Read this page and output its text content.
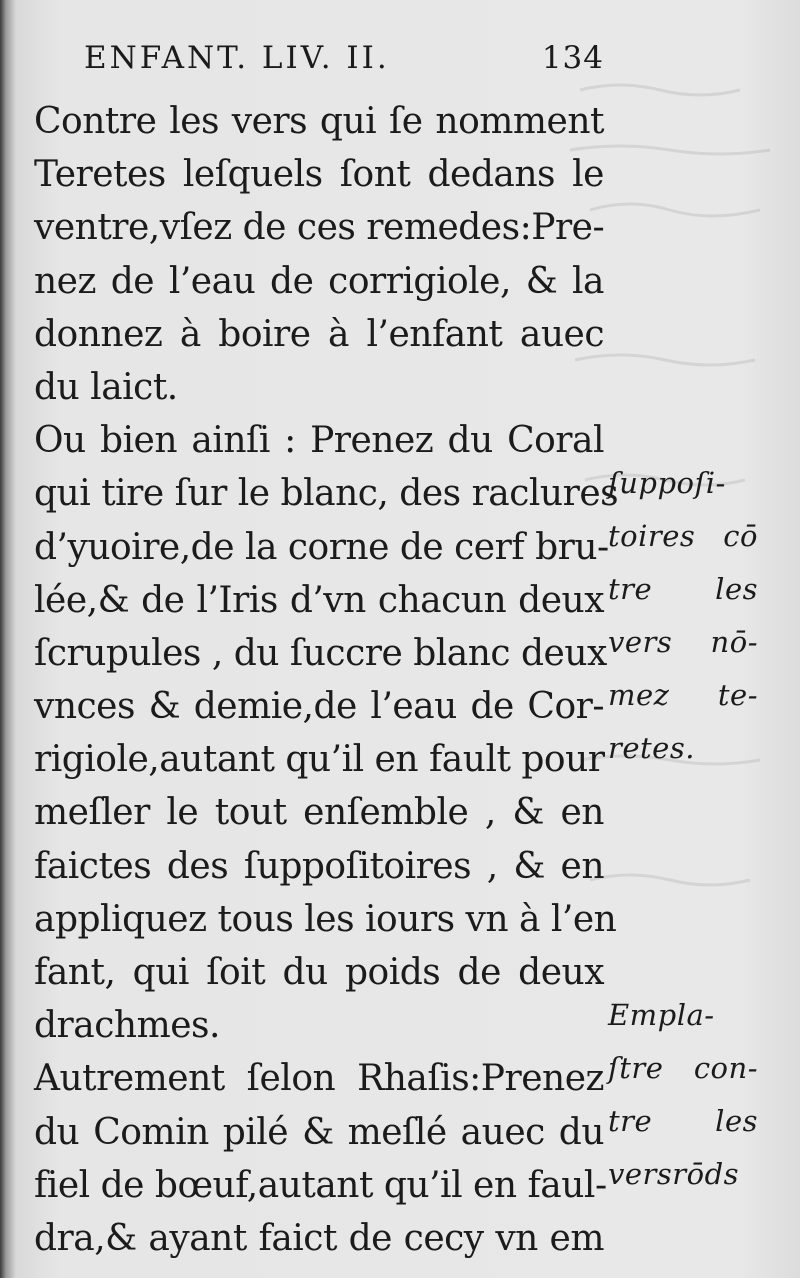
ENFANT. LIV. II.	134
Contre les vers qui ſe nomment
Teretes leſquels ſont dedans le
ventre,vſez de ces remedes:Pre-
nez de l’eau de corrigiole, & la
donnez à boire à l’enfant auec
du laict.
Ou bien ainſi : Prenez du Coral
qui tire ſur le blanc, des raclures
d’yuoire,de la corne de cerf bru-
lée,& de l’Iris d’vn chacun deux
ſcrupules , du ſuccre blanc deux
vnces & demie,de l’eau de Cor-
rigiole,autant qu’il en fault pour
meſler le tout enſemble , & en
faictes des ſuppoſitoires , & en
appliquez tous les iours vn à l’en
fant, qui ſoit du poids de deux
drachmes.
Autrement ſelon Rhaſis:Prenez
du Comin pilé & meſlé auec du
fiel de bœuf,autant qu’il en faul-
dra,& ayant faict de cecy vn em
ſuppoſi-
toires cō
tre les
vers nō-
mez te-
retes.
Empla-
ſtre con-
tre les
versrōds
